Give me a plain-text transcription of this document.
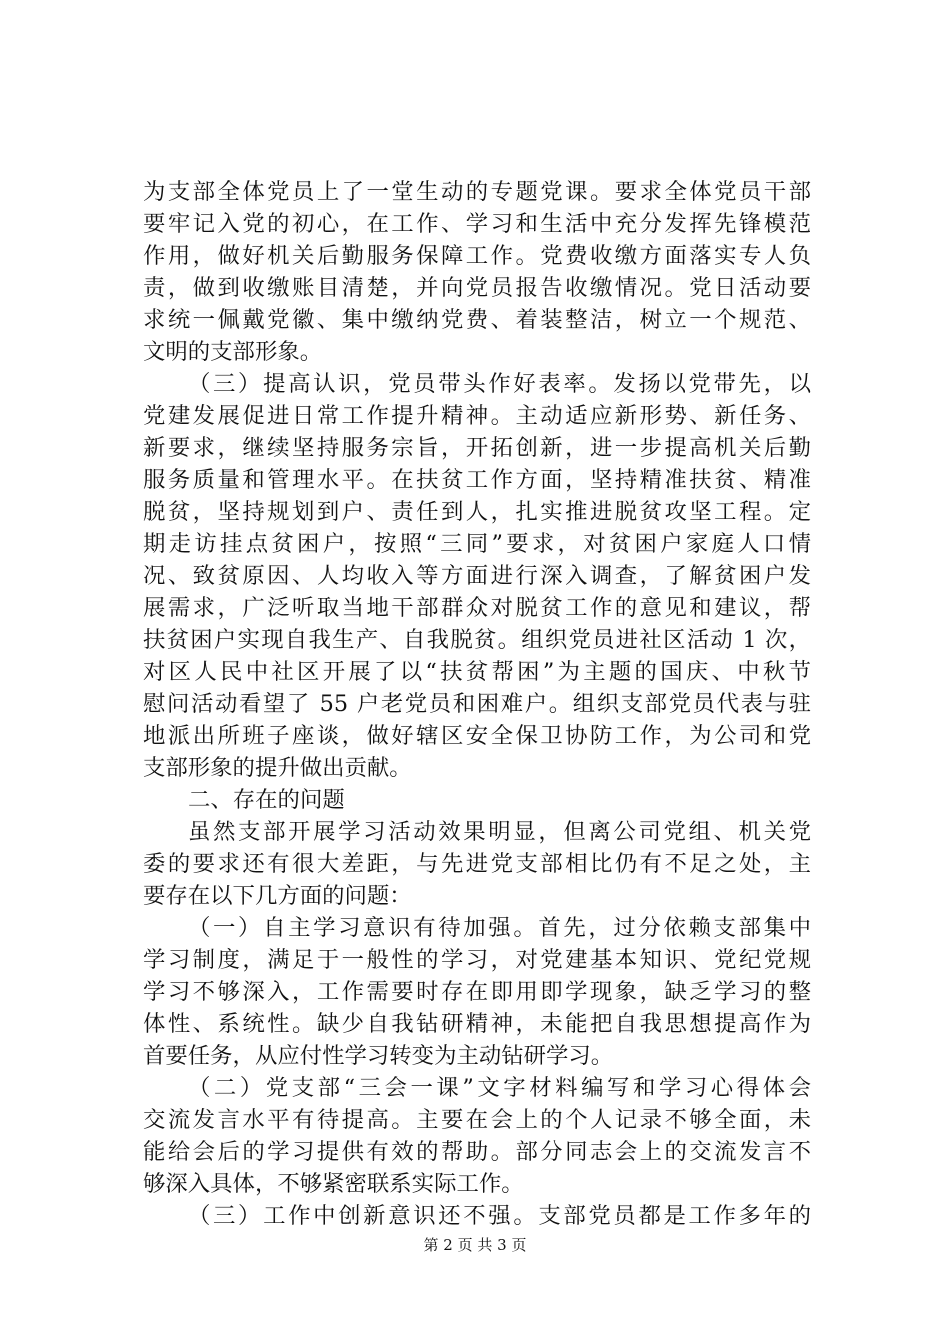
为支部全体党员上了一堂生动的专题党课。要求全体党员干部
要牢记入党的初心，在工作、学习和生活中充分发挥先锋模范
作用，做好机关后勤服务保障工作。党费收缴方面落实专人负
责，做到收缴账目清楚，并向党员报告收缴情况。党日活动要
求统一佩戴党徽、集中缴纳党费、着装整洁，树立一个规范、
文明的支部形象。
（三）提高认识，党员带头作好表率。发扬以党带先，以
党建发展促进日常工作提升精神。主动适应新形势、新任务、
新要求，继续坚持服务宗旨，开拓创新，进一步提高机关后勤
服务质量和管理水平。在扶贫工作方面，坚持精准扶贫、精准
脱贫，坚持规划到户、责任到人，扎实推进脱贫攻坚工程。定
期走访挂点贫困户，按照“三同”要求，对贫困户家庭人口情
况、致贫原因、人均收入等方面进行深入调查，了解贫困户发
展需求，广泛听取当地干部群众对脱贫工作的意见和建议，帮
扶贫困户实现自我生产、自我脱贫。组织党员进社区活动 1 次，
对区人民中社区开展了以“扶贫帮困”为主题的国庆、中秋节
慰问活动看望了 55 户老党员和困难户。组织支部党员代表与驻
地派出所班子座谈，做好辖区安全保卫协防工作，为公司和党
支部形象的提升做出贡献。
二、存在的问题
虽然支部开展学习活动效果明显，但离公司党组、机关党
委的要求还有很大差距，与先进党支部相比仍有不足之处，主
要存在以下几方面的问题：
（一）自主学习意识有待加强。首先，过分依赖支部集中
学习制度，满足于一般性的学习，对党建基本知识、党纪党规
学习不够深入，工作需要时存在即用即学现象，缺乏学习的整
体性、系统性。缺少自我钻研精神，未能把自我思想提高作为
首要任务，从应付性学习转变为主动钻研学习。
（二）党支部“三会一课”文字材料编写和学习心得体会
交流发言水平有待提高。主要在会上的个人记录不够全面，未
能给会后的学习提供有效的帮助。部分同志会上的交流发言不
够深入具体，不够紧密联系实际工作。
（三）工作中创新意识还不强。支部党员都是工作多年的
第 2 页 共 3 页
